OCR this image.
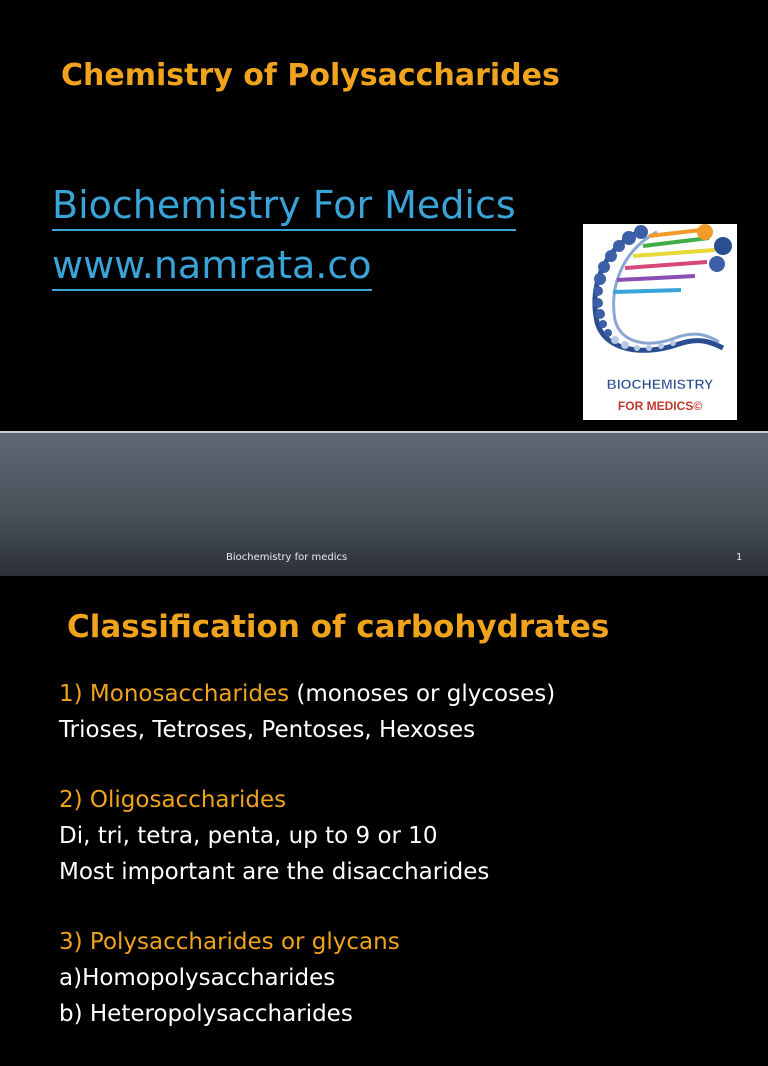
Chemistry of Polysaccharides
Biochemistry For Medics
www.namrata.co
BIOCHEMISTRY
FOR MEDICS©
Biochemistry for medics	1
Classification of carbohydrates
1) Monosaccharides (monoses or glycoses)
Trioses, Tetroses, Pentoses, Hexoses
2) Oligosaccharides
Di, tri, tetra, penta, up to 9 or 10
Most important are the disaccharides
3) Polysaccharides or glycans
a)Homopolysaccharides
b) Heteropolysaccharides
